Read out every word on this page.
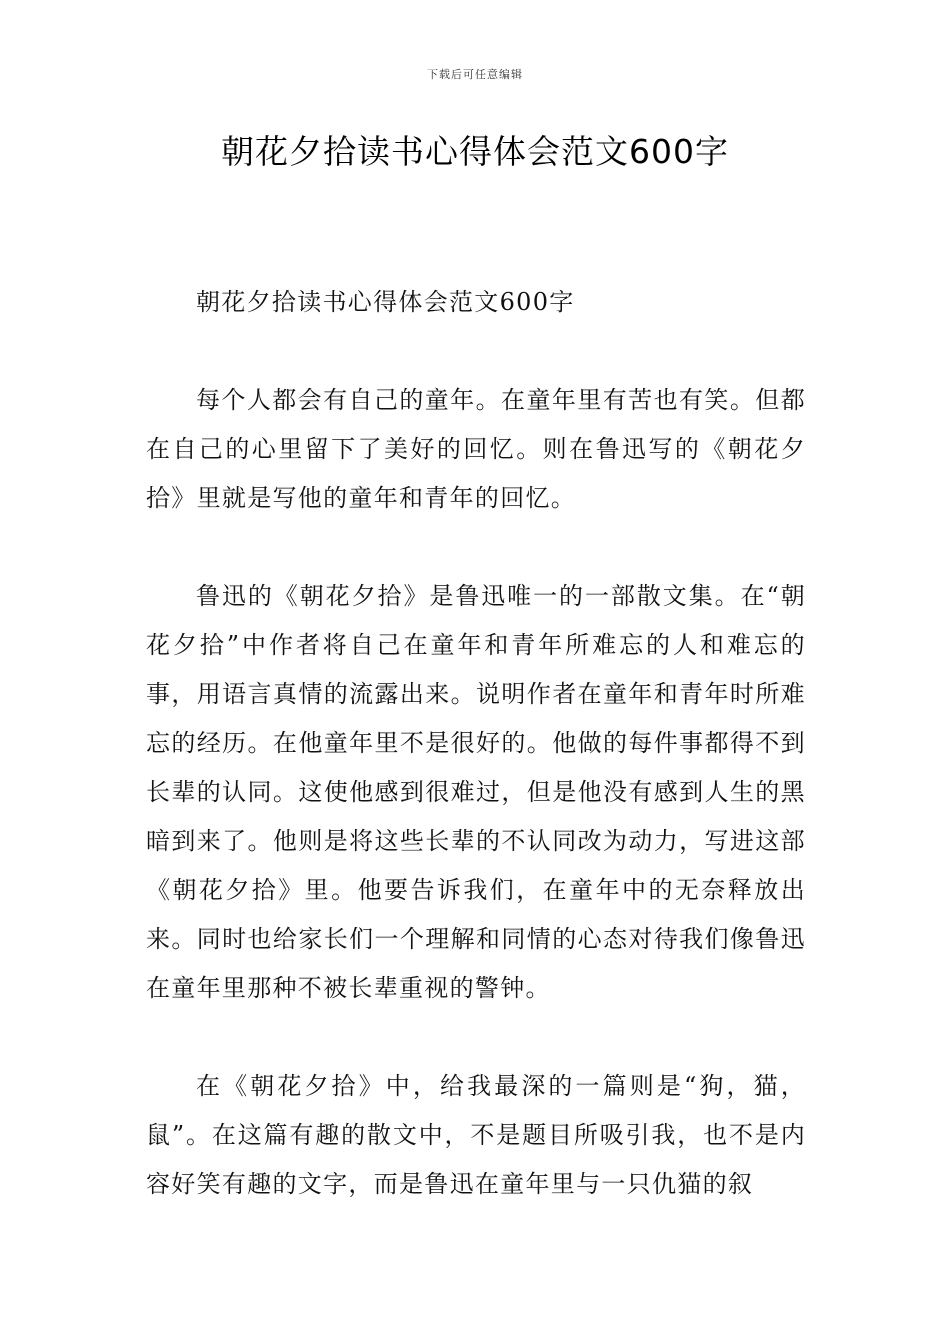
下载后可任意编辑
朝花夕拾读书心得体会范文600字

朝花夕拾读书心得体会范文600字

每个人都会有自己的童年。在童年里有苦也有笑。但都在自己的心里留下了美好的回忆。则在鲁迅写的《朝花夕拾》里就是写他的童年和青年的回忆。

鲁迅的《朝花夕拾》是鲁迅唯一的一部散文集。在“朝花夕拾”中作者将自己在童年和青年所难忘的人和难忘的事，用语言真情的流露出来。说明作者在童年和青年时所难忘的经历。在他童年里不是很好的。他做的每件事都得不到长辈的认同。这使他感到很难过，但是他没有感到人生的黑暗到来了。他则是将这些长辈的不认同改为动力，写进这部《朝花夕拾》里。他要告诉我们，在童年中的无奈释放出来。同时也给家长们一个理解和同情的心态对待我们像鲁迅在童年里那种不被长辈重视的警钟。

在《朝花夕拾》中，给我最深的一篇则是“狗，猫，鼠”。在这篇有趣的散文中，不是题目所吸引我，也不是内容好笑有趣的文字，而是鲁迅在童年里与一只仇猫的叙
